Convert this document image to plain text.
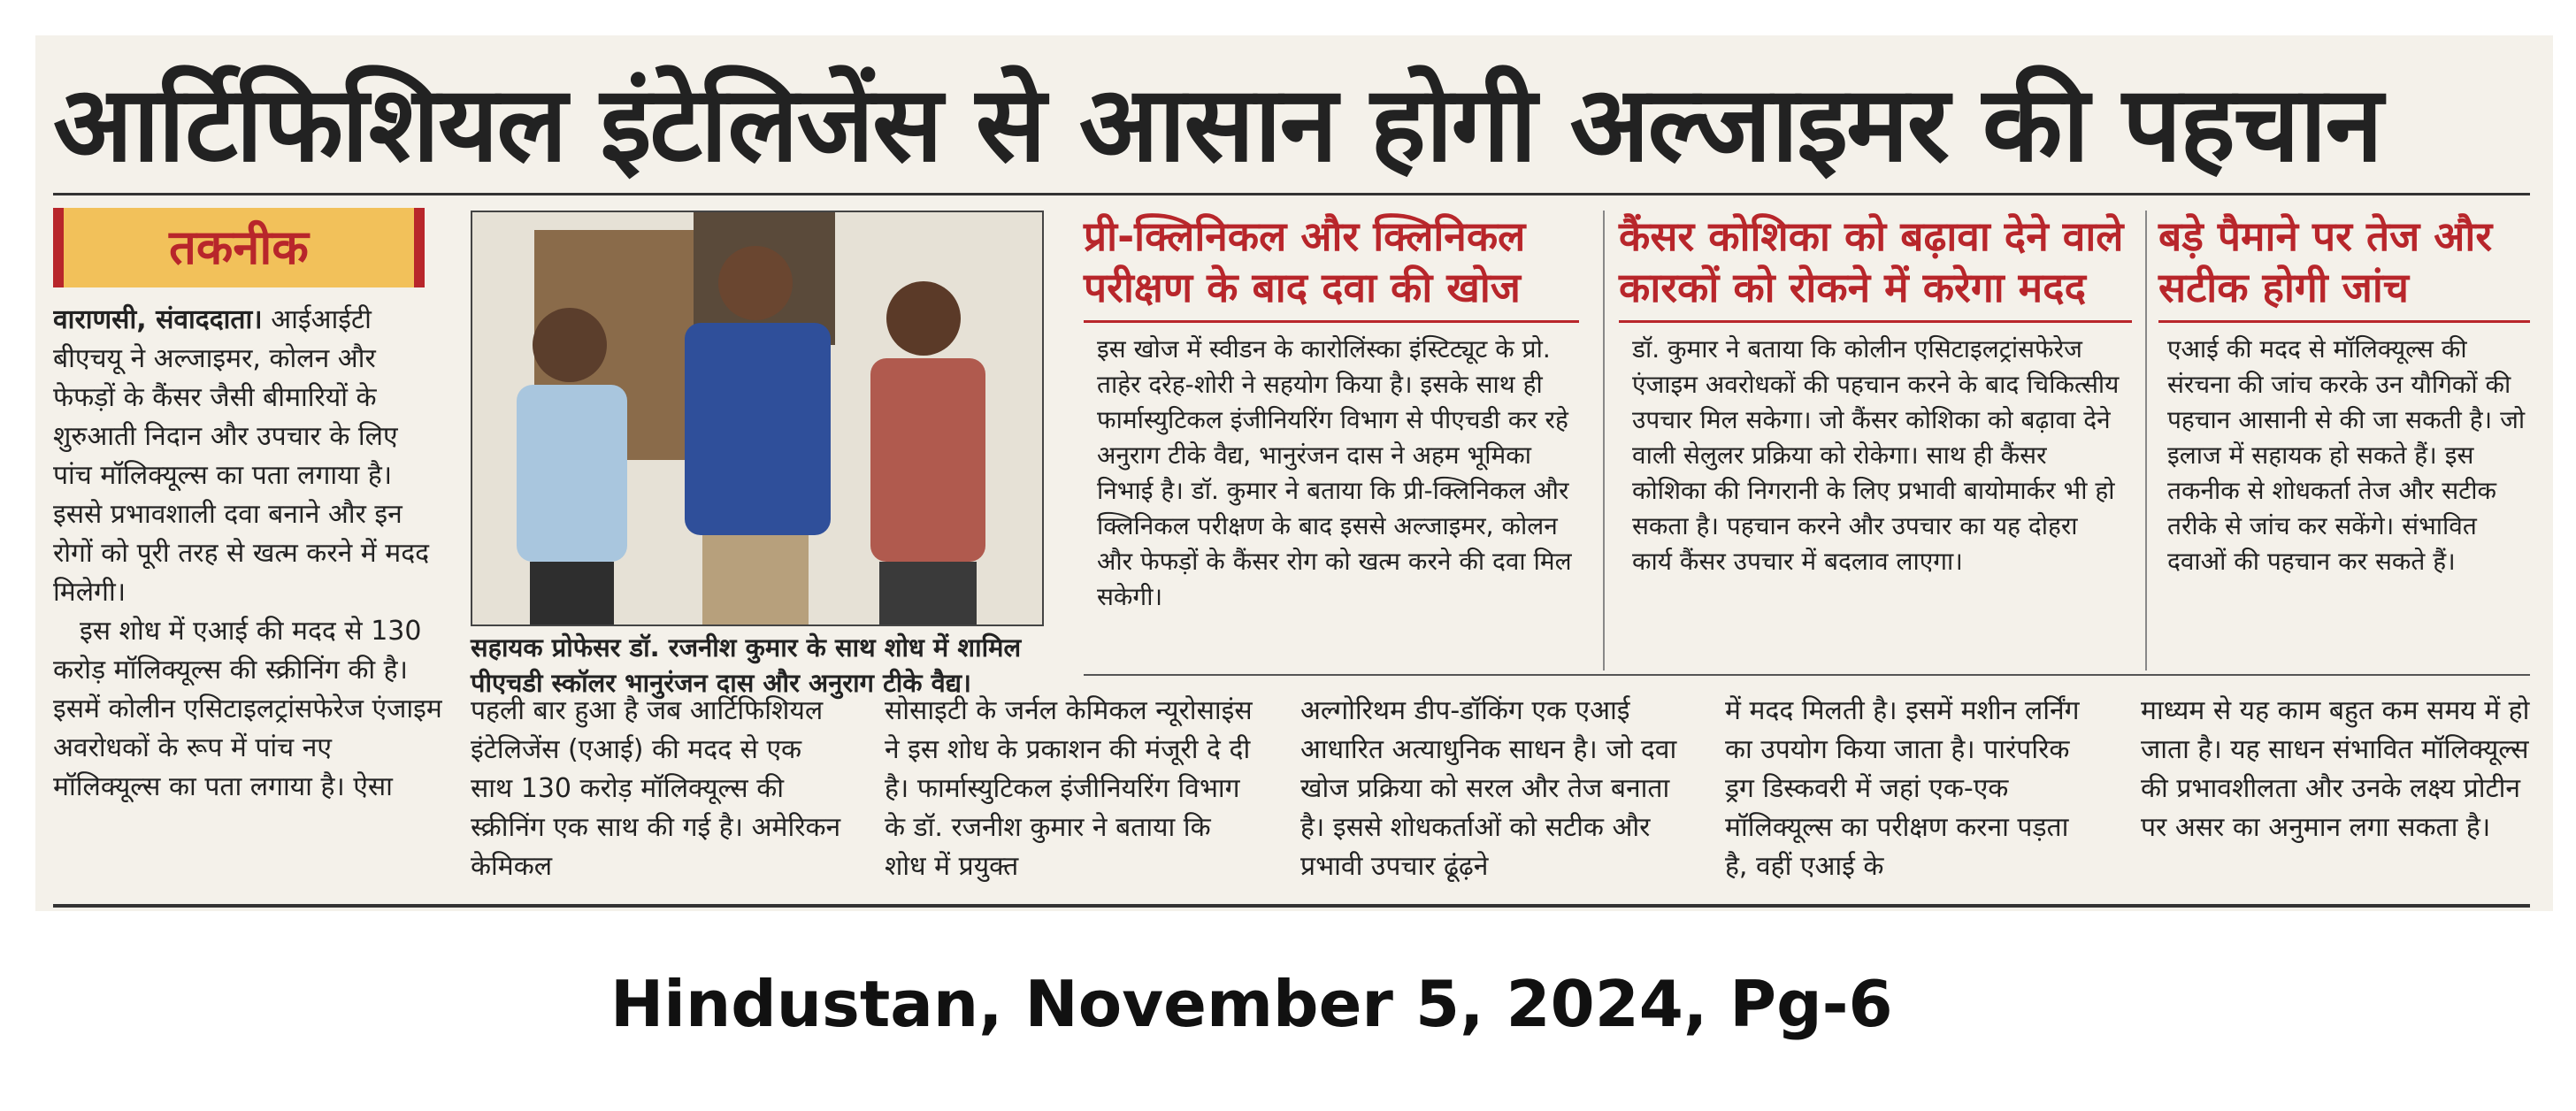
आर्टिफिशियल इंटेलिजेंस से आसान होगी अल्जाइमर की पहचान
तकनीक

वाराणसी, संवाददाता। आईआईटी बीएचयू ने अल्जाइमर, कोलन और फेफड़ों के कैंसर जैसी बीमारियों के शुरुआती निदान और उपचार के लिए पांच मॉलिक्यूल्स का पता लगाया है। इससे प्रभावशाली दवा बनाने और इन रोगों को पूरी तरह से खत्म करने में मदद मिलेगी।

इस शोध में एआई की मदद से 130 करोड़ मॉलिक्यूल्स की स्क्रीनिंग की है। इसमें कोलीन एसिटाइलट्रांसफेरेज एंजाइम अवरोधकों के रूप में पांच नए मॉलिक्यूल्स का पता लगाया है। ऐसा

सहायक प्रोफेसर डॉ. रजनीश कुमार के साथ शोध में शामिल पीएचडी स्कॉलर भानुरंजन दास और अनुराग टीके वैद्य।
प्री-क्लिनिकल और क्लिनिकल परीक्षण के बाद दवा की खोज
इस खोज में स्वीडन के कारोलिंस्का इंस्टिट्यूट के प्रो. ताहेर दरेह-शोरी ने सहयोग किया है। इसके साथ ही फार्मास्युटिकल इंजीनियरिंग विभाग से पीएचडी कर रहे अनुराग टीके वैद्य, भानुरंजन दास ने अहम भूमिका निभाई है। डॉ. कुमार ने बताया कि प्री-क्लिनिकल और क्लिनिकल परीक्षण के बाद इससे अल्जाइमर, कोलन और फेफड़ों के कैंसर रोग को खत्म करने की दवा मिल सकेगी।
कैंसर कोशिका को बढ़ावा देने वाले कारकों को रोकने में करेगा मदद
डॉ. कुमार ने बताया कि कोलीन एसिटाइलट्रांसफेरेज एंजाइम अवरोधकों की पहचान करने के बाद चिकित्सीय उपचार मिल सकेगा। जो कैंसर कोशिका को बढ़ावा देने वाली सेलुलर प्रक्रिया को रोकेगा। साथ ही कैंसर कोशिका की निगरानी के लिए प्रभावी बायोमार्कर भी हो सकता है। पहचान करने और उपचार का यह दोहरा कार्य कैंसर उपचार में बदलाव लाएगा।
बड़े पैमाने पर तेज और सटीक होगी जांच
एआई की मदद से मॉलिक्यूल्स की संरचना की जांच करके उन यौगिकों की पहचान आसानी से की जा सकती है। जो इलाज में सहायक हो सकते हैं। इस तकनीक से शोधकर्ता तेज और सटीक तरीके से जांच कर सकेंगे। संभावित दवाओं की पहचान कर सकते हैं।
पहली बार हुआ है जब आर्टिफिशियल इंटेलिजेंस (एआई) की मदद से एक साथ 130 करोड़ मॉलिक्यूल्स की स्क्रीनिंग एक साथ की गई है। अमेरिकन केमिकल
सोसाइटी के जर्नल केमिकल न्यूरोसाइंस ने इस शोध के प्रकाशन की मंजूरी दे दी है। फार्मास्युटिकल इंजीनियरिंग विभाग के डॉ. रजनीश कुमार ने बताया कि शोध में प्रयुक्त
अल्गोरिथम डीप-डॉकिंग एक एआई आधारित अत्याधुनिक साधन है। जो दवा खोज प्रक्रिया को सरल और तेज बनाता है। इससे शोधकर्ताओं को सटीक और प्रभावी उपचार ढूंढ़ने
में मदद मिलती है। इसमें मशीन लर्निंग का उपयोग किया जाता है। पारंपरिक ड्रग डिस्कवरी में जहां एक-एक मॉलिक्यूल्स का परीक्षण करना पड़ता है, वहीं एआई के
माध्यम से यह काम बहुत कम समय में हो जाता है। यह साधन संभावित मॉलिक्यूल्स की प्रभावशीलता और उनके लक्ष्य प्रोटीन पर असर का अनुमान लगा सकता है।
Hindustan, November 5, 2024, Pg-6
